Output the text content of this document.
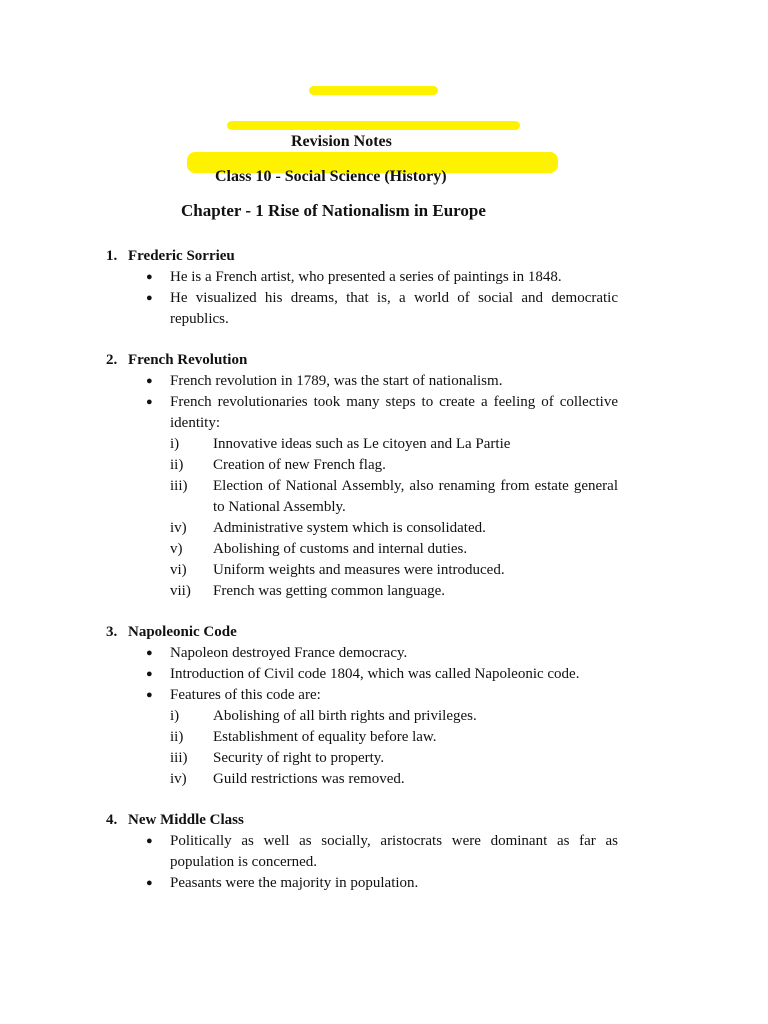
Revision Notes
Class 10 - Social Science (History)
Chapter - 1 Rise of Nationalism in Europe
1. Frederic Sorrieu
●	He is a French artist, who presented a series of paintings in 1848.
●	He visualized his dreams, that is, a world of social and democratic republics.
2. French Revolution
●	French revolution in 1789, was the start of nationalism.
●	French revolutionaries took many steps to create a feeling of collective identity:
i)	Innovative ideas such as Le citoyen and La Partie
ii)	Creation of new French flag.
iii)	Election of National Assembly, also renaming from estate general to National Assembly.
iv)	Administrative system which is consolidated.
v)	Abolishing of customs and internal duties.
vi)	Uniform weights and measures were introduced.
vii)	French was getting common language.
3. Napoleonic Code
●	Napoleon destroyed France democracy.
●	Introduction of Civil code 1804, which was called Napoleonic code.
●	Features of this code are:
i)	Abolishing of all birth rights and privileges.
ii)	Establishment of equality before law.
iii)	Security of right to property.
iv)	Guild restrictions was removed.
4. New Middle Class
●	Politically as well as socially, aristocrats were dominant as far as population is concerned.
●	Peasants were the majority in population.
